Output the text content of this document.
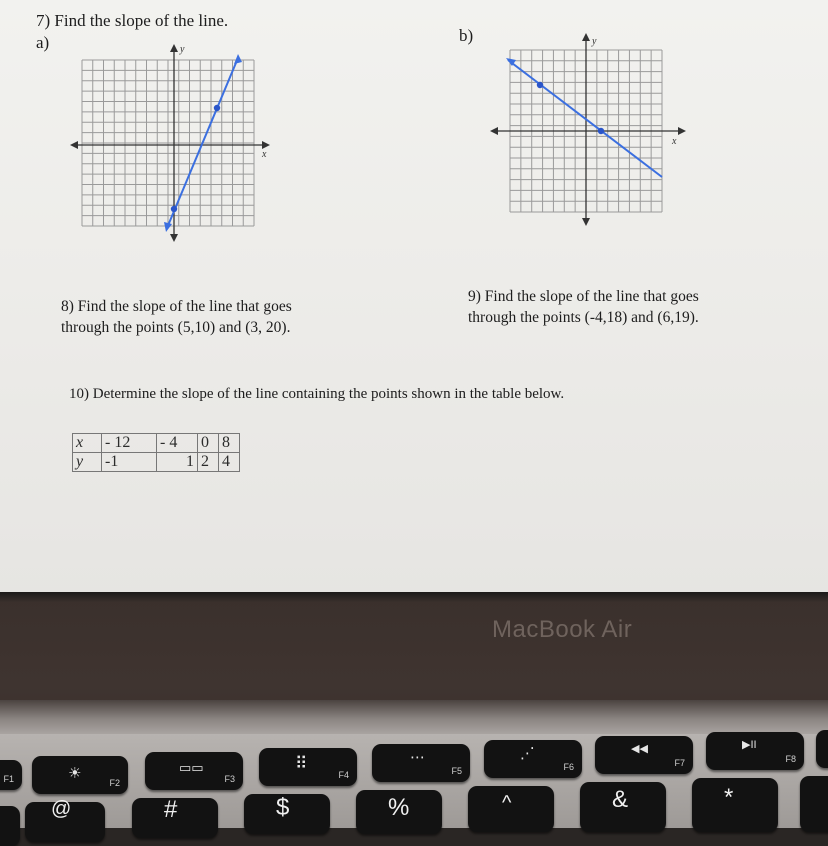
7) Find the slope of the line.
a)	b)
y
x
y
x
8) Find the slope of the line that goes
through the points (5,10) and (3, 20).
9) Find the slope of the line that goes
through the points (-4,18) and (6,19).
10) Determine the slope of the line containing the points shown in the table below.
x	- 12	- 4	0	8
y	-1	1	2	4
MacBook Air
F1	☀
F2
▭▭
F3
⠿
F4
⋯
F5
⋰
F6
◀◀
F7
▶II
F8
@	#	$	%	^	&	*
